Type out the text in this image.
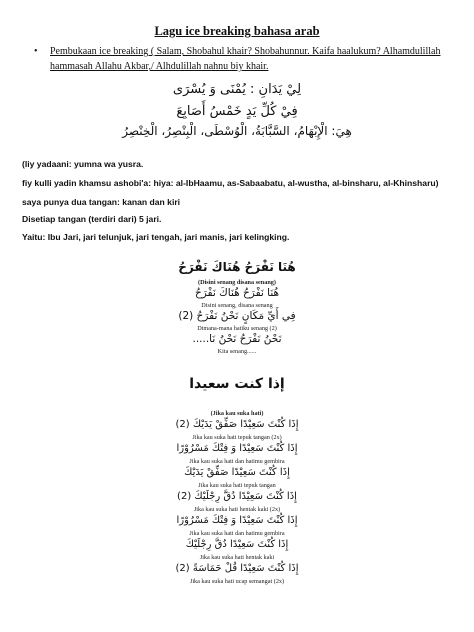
Lagu ice breaking bahasa arab
• Pembukaan ice breaking ( Salam, Shobahul khair? Shobahunnur. Kaifa haalukum? Alhamdulillah hammasah Allahu Akbar,/ Alhdulillah nahnu biy khair.
لِيْ يَدَانِ : يُمْنَى وَ يُسْرَى
فِيْ كُلِّ يَدٍ خَمْسُ أَصَابِعَ
هِيَ: الْإِبْهَامُ، السَّبَّابَةُ، الْوُسْطَى، الْبِنْصِرُ، الْخِنْصِرُ
(liy yadaani: yumna wa yusra.
fiy kulli yadin khamsu ashobi'a: hiya: al-IbHaamu, as-Sabaabatu, al-wustha, al-binsharu, al-Khinsharu)
saya punya dua tangan: kanan dan kiri
Disetiap tangan (terdiri dari) 5 jari.
Yaitu: Ibu Jari, jari telunjuk, jari tengah, jari manis, jari kelingking.
هُنَا نَفْرَحُ هُنَاكَ نَفْرَحُ
(Disini senang disana senang)
هُنَا نَفْرَحُ هُنَاكَ نَفْرَحُ
Disini senang, disana senang
فِي أَيِّ مَكَانٍ نَحْنُ نَفْرَحُ (2)
Dimana-mana hatiku senang (2)
نَحْنُ نَفْرَحُ نَحْنُ نَا.....
Kita senang......
إذا كنت سعيدا
(Jika kau suka hati)
إِذَا كُنْتَ سَعِيْدًا صَفِّقْ يَدَيْكَ (2)
Jika kau suka hati tepuk tangan (2x)
إِذَا كُنْتَ سَعِيْدًا وَ فِتْكَ مَسْرُوْرًا
Jika kau suka hati dan hatimu gembira
إِذَا كُنْتَ سَعِيْدًا صَفِّقْ يَدَيْكَ
Jika kau suka hati tepuk tangan
إِذَا كُنْتَ سَعِيْدًا دُقَّ رِجْلَيْكَ (2)
Jika kau suka hati hentak kaki (2x)
إِذَا كُنْتَ سَعِيْدًا وَ فِتْكَ مَسْرُوْرًا
Jika kau suka hati dan hatimu gembira
إِذَا كُنْتَ سَعِيْدًا دُقَّ رِجْلَيْكَ
Jika kau suka hati hentak kaki
إِذَا كُنْتَ سَعِيْدًا قُلْ حَمَاسَةً (2)
Jika kau suka hati ucap semangat (2x)
